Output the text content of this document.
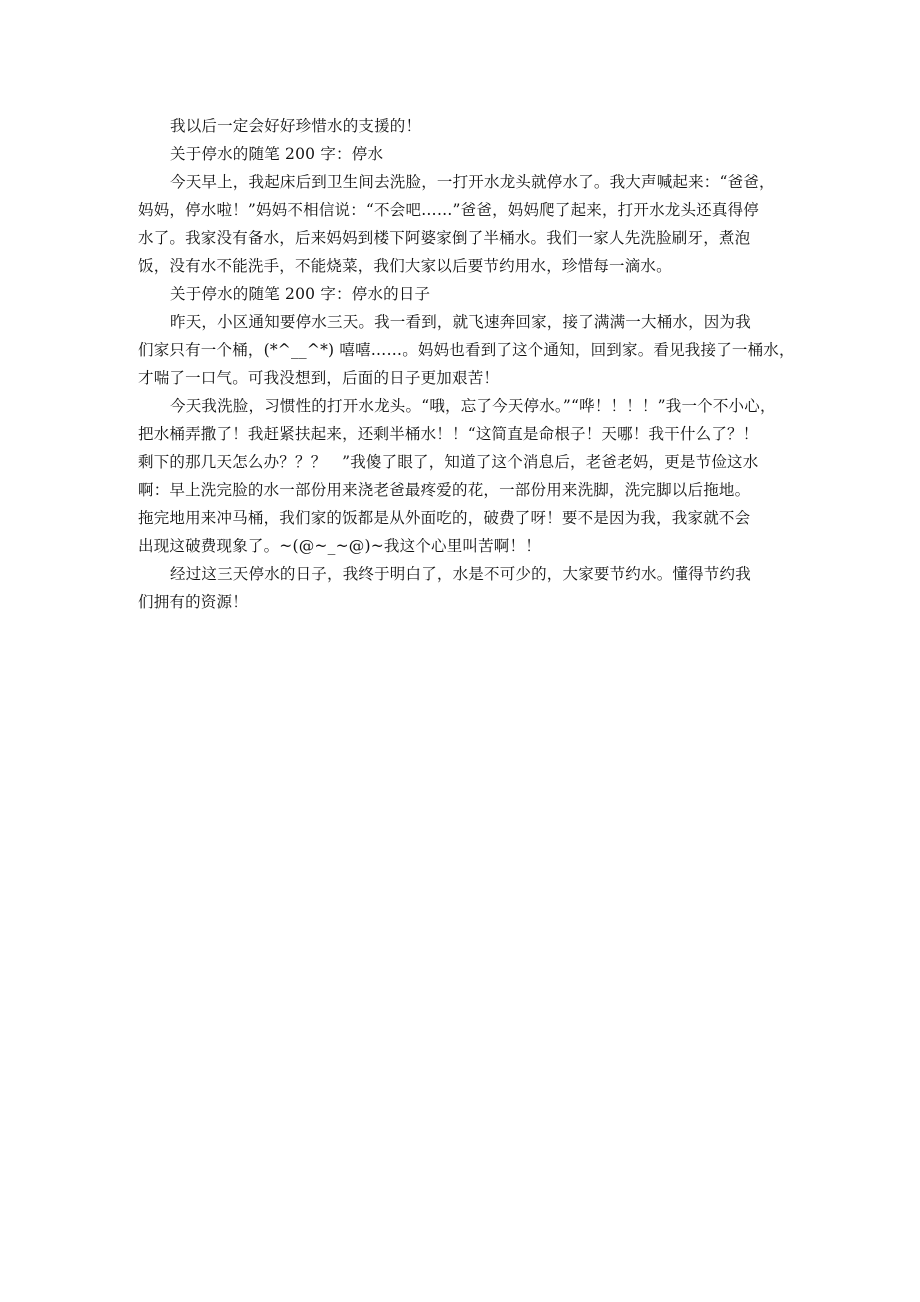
我以后一定会好好珍惜水的支援的！
关于停水的随笔 200 字：停水
今天早上，我起床后到卫生间去洗脸，一打开水龙头就停水了。我大声喊起来：“爸爸，
妈妈，停水啦！”妈妈不相信说：“不会吧……”爸爸，妈妈爬了起来，打开水龙头还真得停
水了。我家没有备水，后来妈妈到楼下阿婆家倒了半桶水。我们一家人先洗脸刷牙，煮泡
饭，没有水不能洗手，不能烧菜，我们大家以后要节约用水，珍惜每一滴水。
关于停水的随笔 200 字：停水的日子
昨天，小区通知要停水三天。我一看到，就飞速奔回家，接了满满一大桶水，因为我
们家只有一个桶，(*^__^*) 嘻嘻……。妈妈也看到了这个通知，回到家。看见我接了一桶水，
才喘了一口气。可我没想到，后面的日子更加艰苦！
今天我洗脸，习惯性的打开水龙头。“哦，忘了今天停水。”“哗！！！！”我一个不小心，
把水桶弄撒了！我赶紧扶起来，还剩半桶水！！“这简直是命根子！天哪！我干什么了？！
剩下的那几天怎么办？？？　”我傻了眼了，知道了这个消息后，老爸老妈，更是节俭这水
啊：早上洗完脸的水一部份用来浇老爸最疼爱的花，一部份用来洗脚，洗完脚以后拖地。
拖完地用来冲马桶，我们家的饭都是从外面吃的，破费了呀！要不是因为我，我家就不会
出现这破费现象了。~(@~_~@)~我这个心里叫苦啊！！
经过这三天停水的日子，我终于明白了，水是不可少的，大家要节约水。懂得节约我
们拥有的资源！
